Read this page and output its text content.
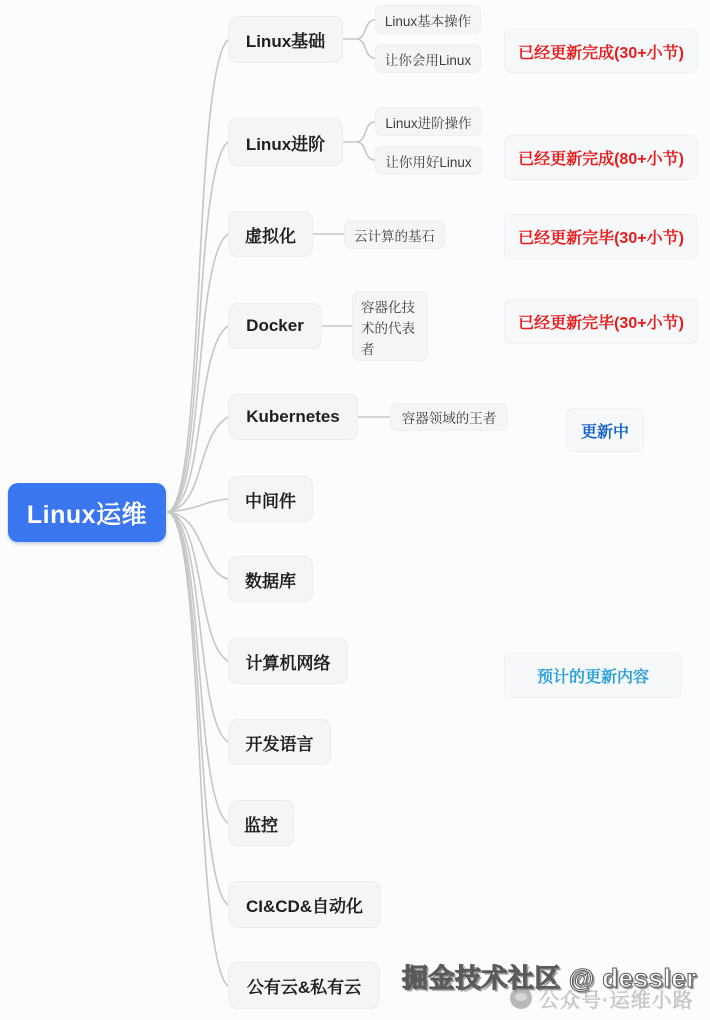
Linux运维
Linux基础
Linux进阶
虚拟化
Docker
Kubernetes
中间件
数据库
计算机网络
开发语言
监控
CI&CD&自动化
公有云&私有云
Linux基本操作
让你会用Linux
Linux进阶操作
让你用好Linux
云计算的基石
容器化技术的代表者
容器领域的王者
已经更新完成(30+小节)
已经更新完成(80+小节)
已经更新完毕(30+小节)
已经更新完毕(30+小节)
更新中
预计的更新内容
公众号·运维小路
掘金技术社区 @ dessler
